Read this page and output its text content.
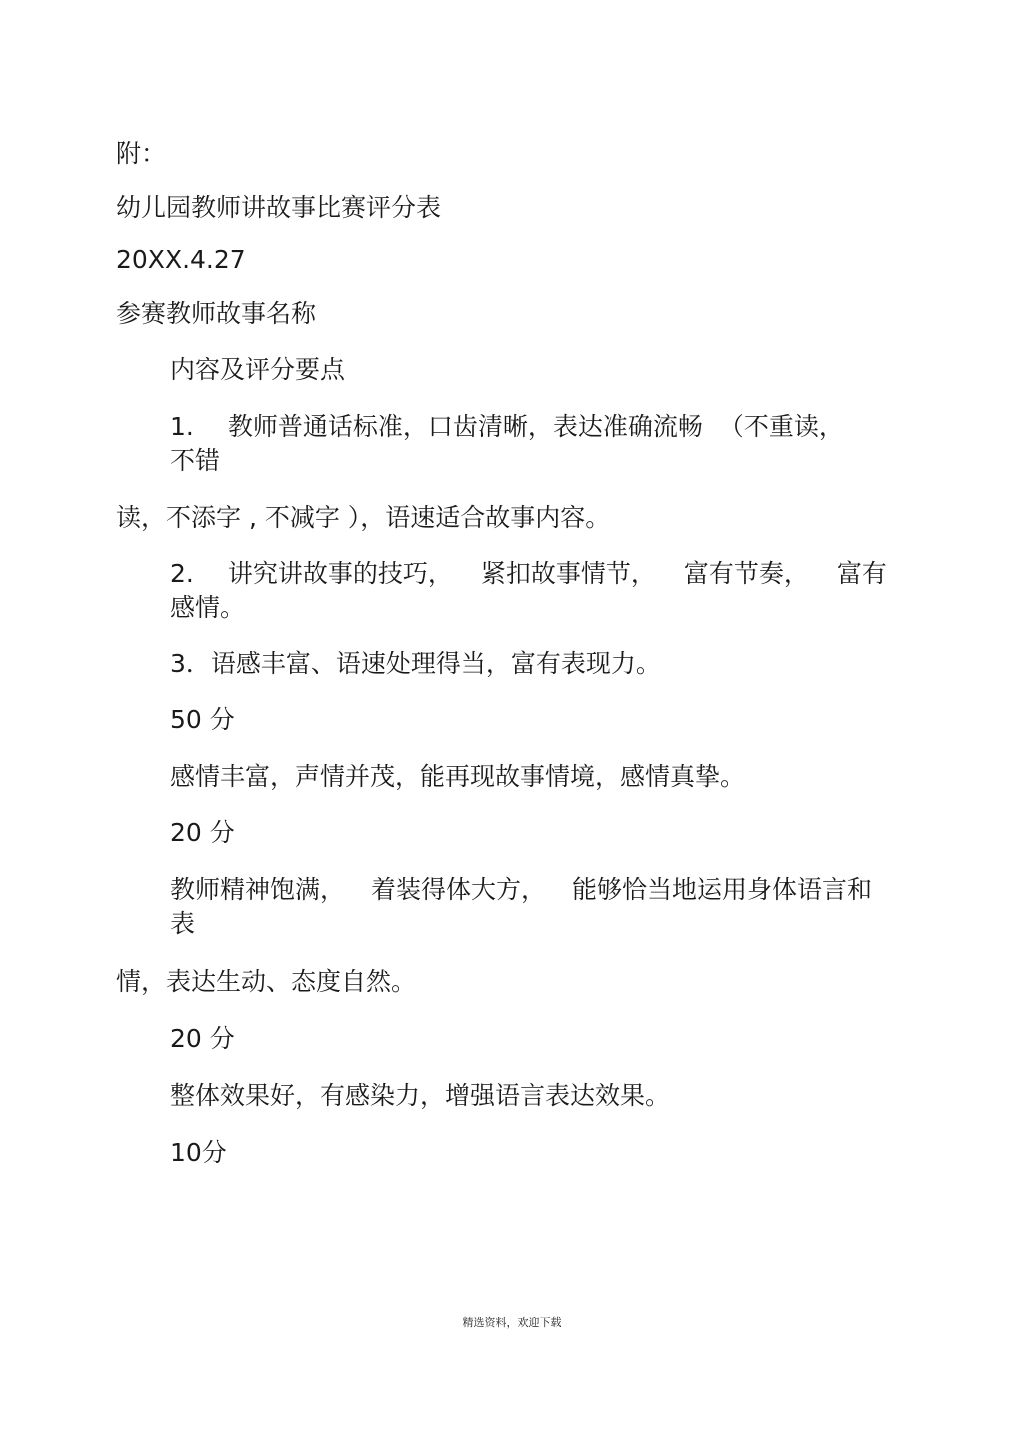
附：
幼儿园教师讲故事比赛评分表
20XX.4.27
参赛教师故事名称
内容及评分要点
1. 教师普通话标准，口齿清晰，表达准确流畅 （不重读，
不错
读，不添字 , 不减字 ），语速适合故事内容。
2. 讲究讲故事的技巧， 紧扣故事情节， 富有节奏， 富有
感情。
3．语感丰富、语速处理得当，富有表现力。
50 分
感情丰富，声情并茂，能再现故事情境，感情真挚。
20 分
教师精神饱满， 着装得体大方， 能够恰当地运用身体语言和
表
情，表达生动、态度自然。
20 分
整体效果好，有感染力，增强语言表达效果。
10分
精选资料，欢迎下载
